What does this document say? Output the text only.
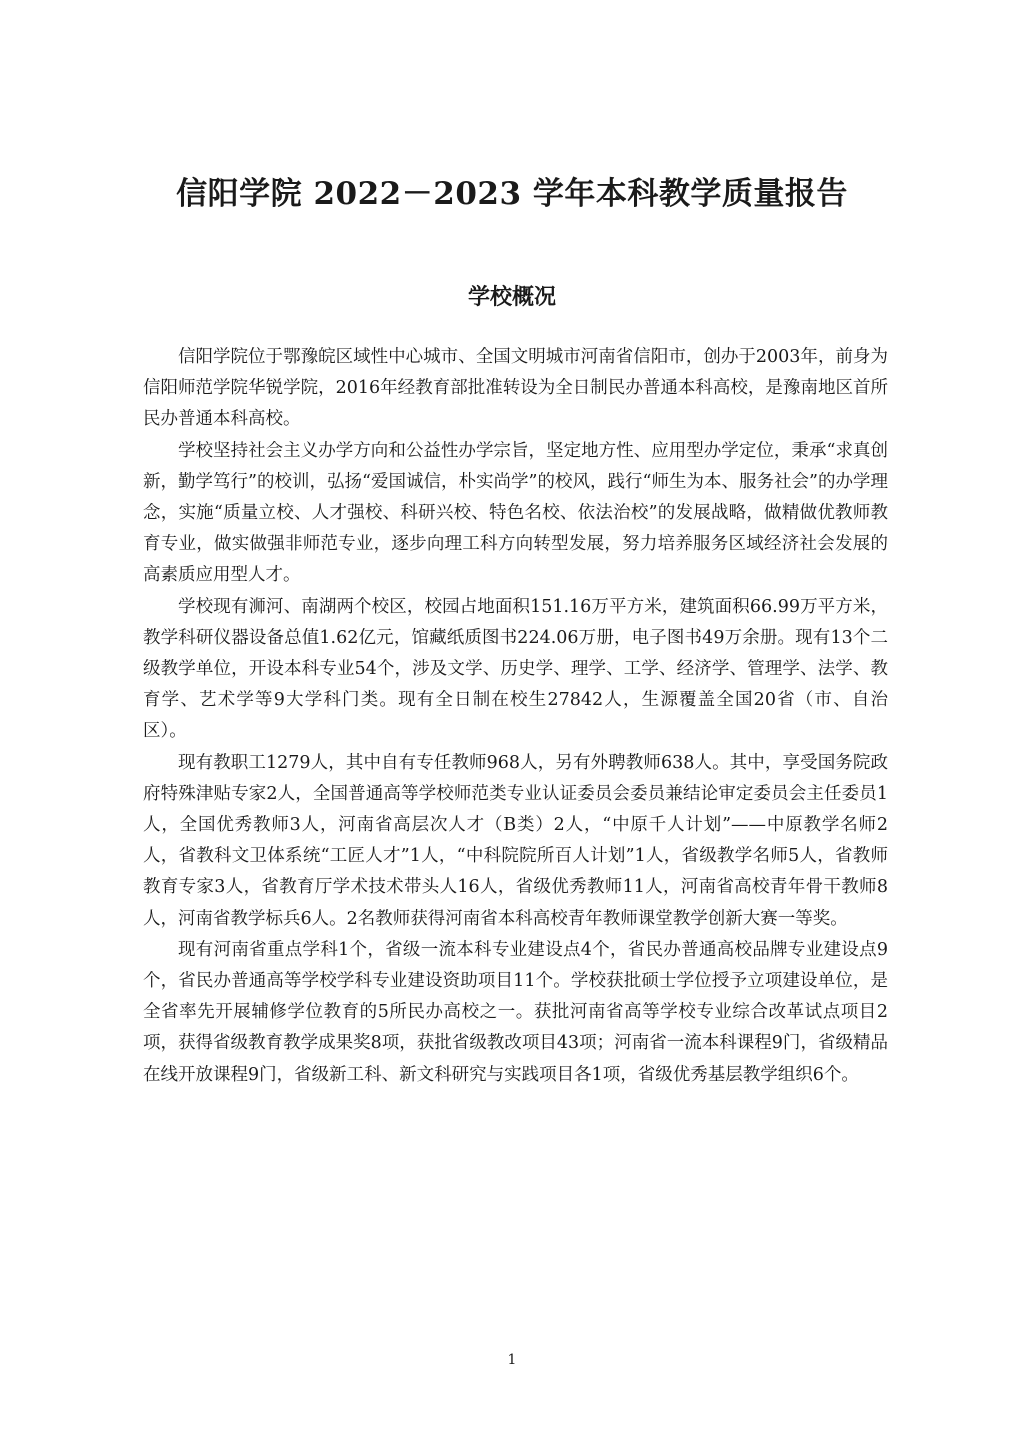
信阳学院 2022－2023 学年本科教学质量报告
学校概况

信阳学院位于鄂豫皖区域性中心城市、全国文明城市河南省信阳市，创办于2003年，前身为信阳师范学院华锐学院，2016年经教育部批准转设为全日制民办普通本科高校，是豫南地区首所民办普通本科高校。

学校坚持社会主义办学方向和公益性办学宗旨，坚定地方性、应用型办学定位，秉承“求真创新，勤学笃行”的校训，弘扬“爱国诚信，朴实尚学”的校风，践行“师生为本、服务社会”的办学理念，实施“质量立校、人才强校、科研兴校、特色名校、依法治校”的发展战略，做精做优教师教育专业，做实做强非师范专业，逐步向理工科方向转型发展，努力培养服务区域经济社会发展的高素质应用型人才。

学校现有浉河、南湖两个校区，校园占地面积151.16万平方米，建筑面积66.99万平方米，教学科研仪器设备总值1.62亿元，馆藏纸质图书224.06万册，电子图书49万余册。现有13个二级教学单位，开设本科专业54个，涉及文学、历史学、理学、工学、经济学、管理学、法学、教育学、艺术学等9大学科门类。现有全日制在校生27842人，生源覆盖全国20省（市、自治区）。

现有教职工1279人，其中自有专任教师968人，另有外聘教师638人。其中，享受国务院政府特殊津贴专家2人，全国普通高等学校师范类专业认证委员会委员兼结论审定委员会主任委员1人，全国优秀教师3人，河南省高层次人才（B类）2人，“中原千人计划”——中原教学名师2人，省教科文卫体系统“工匠人才”1人，“中科院院所百人计划”1人，省级教学名师5人，省教师教育专家3人，省教育厅学术技术带头人16人，省级优秀教师11人，河南省高校青年骨干教师8人，河南省教学标兵6人。2名教师获得河南省本科高校青年教师课堂教学创新大赛一等奖。

现有河南省重点学科1个，省级一流本科专业建设点4个，省民办普通高校品牌专业建设点9个，省民办普通高等学校学科专业建设资助项目11个。学校获批硕士学位授予立项建设单位，是全省率先开展辅修学位教育的5所民办高校之一。获批河南省高等学校专业综合改革试点项目2项，获得省级教育教学成果奖8项，获批省级教改项目43项；河南省一流本科课程9门，省级精品在线开放课程9门，省级新工科、新文科研究与实践项目各1项，省级优秀基层教学组织6个。

1
